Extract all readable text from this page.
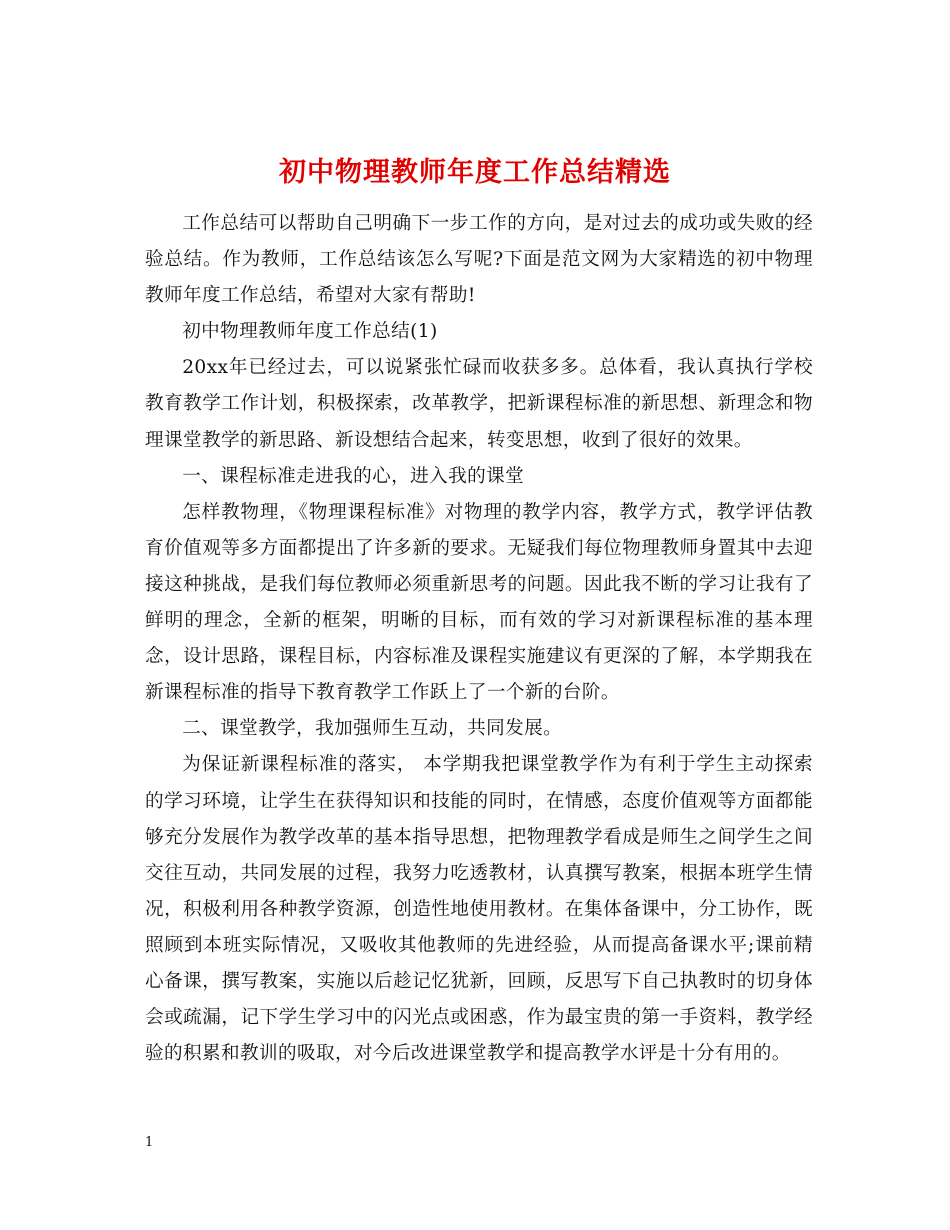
初中物理教师年度工作总结精选

工作总结可以帮助自己明确下一步工作的方向，是对过去的成功或失败的经验总结。作为教师，工作总结该怎么写呢?下面是范文网为大家精选的初中物理教师年度工作总结，希望对大家有帮助!

初中物理教师年度工作总结(1)

20xx年已经过去，可以说紧张忙碌而收获多多。总体看，我认真执行学校教育教学工作计划，积极探索，改革教学，把新课程标准的新思想、新理念和物理课堂教学的新思路、新设想结合起来，转变思想，收到了很好的效果。

一、课程标准走进我的心，进入我的课堂

怎样教物理，《物理课程标准》对物理的教学内容，教学方式，教学评估教育价值观等多方面都提出了许多新的要求。无疑我们每位物理教师身置其中去迎接这种挑战，是我们每位教师必须重新思考的问题。因此我不断的学习让我有了鲜明的理念，全新的框架，明晰的目标，而有效的学习对新课程标准的基本理念，设计思路，课程目标，内容标准及课程实施建议有更深的了解，本学期我在新课程标准的指导下教育教学工作跃上了一个新的台阶。

二、课堂教学，我加强师生互动，共同发展。

为保证新课程标准的落实， 本学期我把课堂教学作为有利于学生主动探索的学习环境，让学生在获得知识和技能的同时，在情感，态度价值观等方面都能够充分发展作为教学改革的基本指导思想，把物理教学看成是师生之间学生之间交往互动，共同发展的过程，我努力吃透教材，认真撰写教案，根据本班学生情况，积极利用各种教学资源，创造性地使用教材。在集体备课中，分工协作，既照顾到本班实际情况，又吸收其他教师的先进经验，从而提高备课水平;课前精心备课，撰写教案，实施以后趁记忆犹新，回顾，反思写下自己执教时的切身体会或疏漏，记下学生学习中的闪光点或困惑，作为最宝贵的第一手资料，教学经验的积累和教训的吸取，对今后改进课堂教学和提高教学水评是十分有用的。

1
